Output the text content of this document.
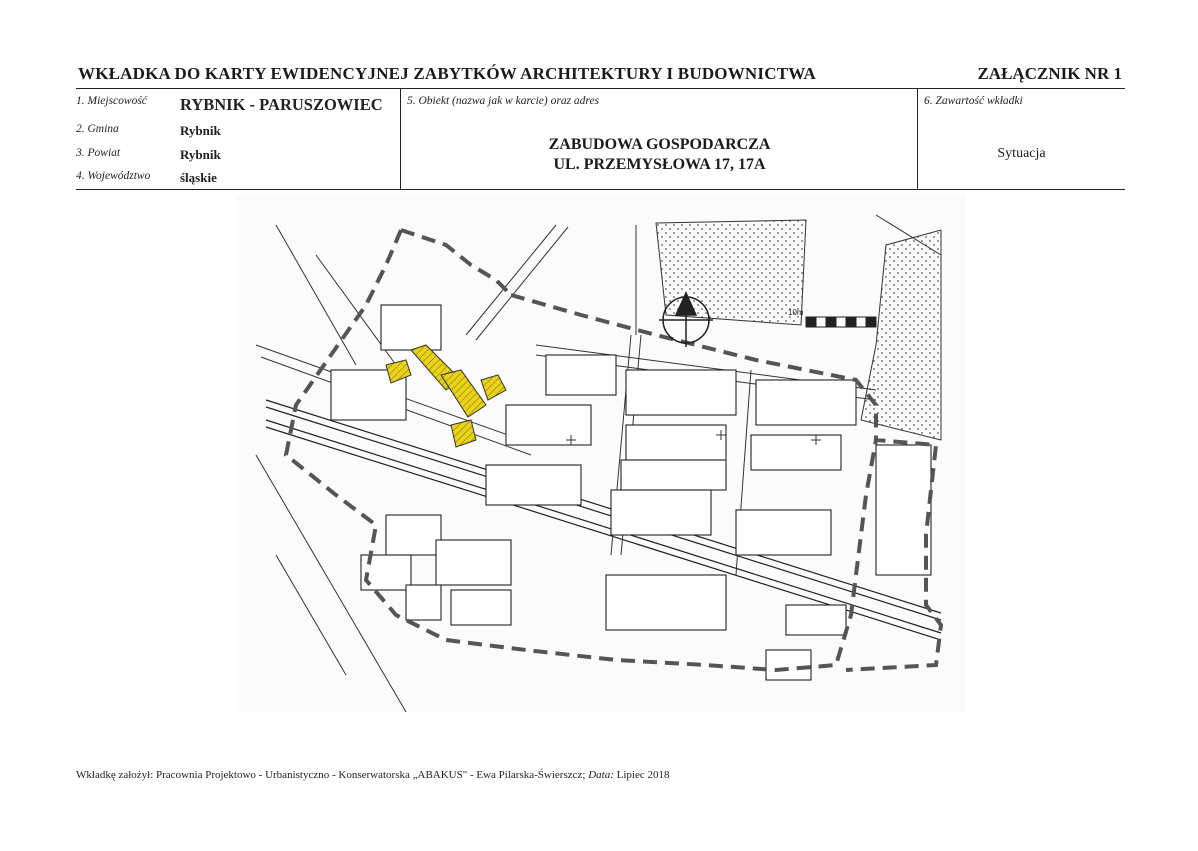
WKŁADKA DO KARTY EWIDENCYJNEJ ZABYTKÓW ARCHITEKTURY I BUDOWNICTWA	ZAŁĄCZNIK NR 1
1. Miejscowość RYBNIK - PARUSZOWIEC
2. Gmina	Rybnik
3. Powiat	Rybnik
4. Województwo śląskie
5. Obiekt (nazwa jak w karcie) oraz adres
ZABUDOWA GOSPODARCZA
UL. PRZEMYSŁOWA 17, 17A
6. Zawartość wkładki
Sytuacja
10m
Wkładkę założył: Pracownia Projektowo - Urbanistyczno - Konserwatorska „ABAKUS" - Ewa Pilarska-Świerszcz; Data: Lipiec 2018
